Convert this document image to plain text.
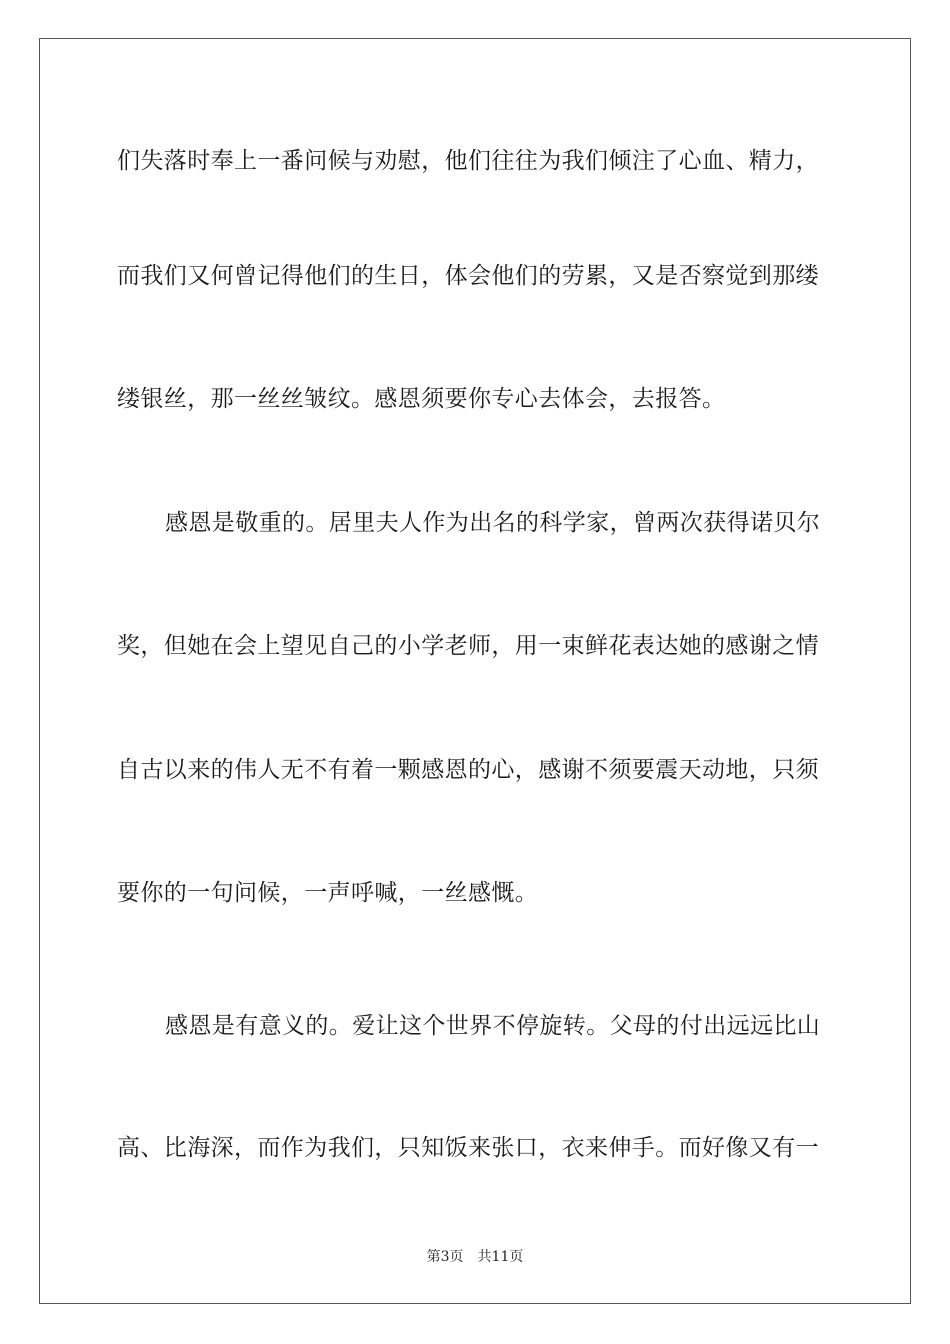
们失落时奉上一番问候与劝慰，他们往往为我们倾注了心血、精力，
而我们又何曾记得他们的生日，体会他们的劳累，又是否察觉到那缕
缕银丝，那一丝丝皱纹。感恩须要你专心去体会，去报答。
感恩是敬重的。居里夫人作为出名的科学家，曾两次获得诺贝尔
奖，但她在会上望见自己的小学老师，用一束鲜花表达她的感谢之情
自古以来的伟人无不有着一颗感恩的心，感谢不须要震天动地，只须
要你的一句问候，一声呼喊，一丝感慨。
感恩是有意义的。爱让这个世界不停旋转。父母的付出远远比山
高、比海深，而作为我们，只知饭来张口，衣来伸手。而好像又有一
第3页 共11页
